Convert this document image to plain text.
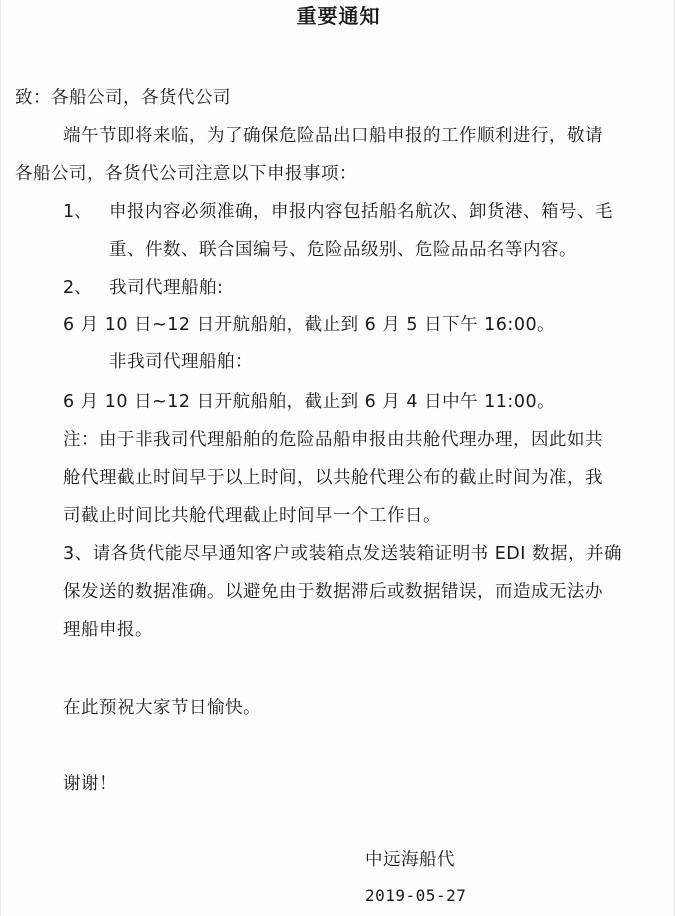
重要通知
致：各船公司，各货代公司
端午节即将来临，为了确保危险品出口船申报的工作顺利进行，敬请
各船公司，各货代公司注意以下申报事项：
1、 申报内容必须准确，申报内容包括船名航次、卸货港、箱号、毛
重、件数、联合国编号、危险品级别、危险品品名等内容。
2、 我司代理船舶:
6 月 10 日~12 日开航船舶，截止到 6 月 5 日下午 16:00。
非我司代理船舶：
6 月 10 日~12 日开航船舶，截止到 6 月 4 日中午 11:00。
注：由于非我司代理船舶的危险品船申报由共舱代理办理，因此如共
舱代理截止时间早于以上时间，以共舱代理公布的截止时间为准，我
司截止时间比共舱代理截止时间早一个工作日。
3、请各货代能尽早通知客户或装箱点发送装箱证明书 EDI 数据，并确
保发送的数据准确。以避免由于数据滞后或数据错误，而造成无法办
理船申报。
在此预祝大家节日愉快。
谢谢！
中远海船代
2019-05-27
